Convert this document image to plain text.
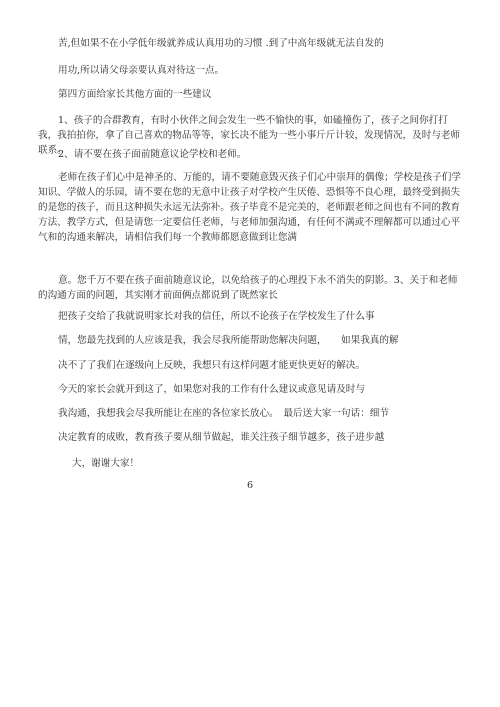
苦,但如果不在小学低年级就养成认真用功的习惯 .到了中高年级就无法自发的
用功,所以请父母亲要认真对待这一点。
第四方面给家长其他方面的一些建议
1、孩子的合群教育，有时小伙伴之间会发生一些不愉快的事，如磕撞伤了，孩子之间你打打我，我拍拍你，拿了自己喜欢的物品等等，家长决不能为一些小事斤斤计较，发现情况，及时与老师联系。
2、请不要在孩子面前随意议论学校和老师。
老师在孩子们心中是神圣的、万能的，请不要随意毁灭孩子们心中崇拜的偶像；学校是孩子们学知识、学做人的乐园，请不要在您的无意中让孩子对学校产生厌倦、恐惧等不良心理，最终受到损失的是您的孩子，而且这种损失永远无法弥补。孩子毕竟不是完美的，老师跟老师之间也有不同的教育方法、教学方式，但是请您一定要信任老师，与老师加强沟通，有任何不满或不理解都可以通过心平气和的沟通来解决，请相信我们每一个教师都愿意做到让您满
意。您千万不要在孩子面前随意议论，以免给孩子的心理投下永不消失的阴影。3、关于和老师的沟通方面的问题，其实刚才前面俩点都说到了既然家长
把孩子交给了我就说明家长对我的信任，所以不论孩子在学校发生了什么事
情，您最先找到的人应该是我，我会尽我所能帮助您解决问题，　　如果我真的解
决不了了我们在逐级向上反映，我想只有这样问题才能更快更好的解决。
今天的家长会就开到这了，如果您对我的工作有什么建议或意见请及时与
我沟通，我想我会尽我所能让在座的各位家长放心。　最后送大家一句话：细节
决定教育的成败，教育孩子要从细节做起，谁关注孩子细节越多，孩子进步越
大，谢谢大家！
6
